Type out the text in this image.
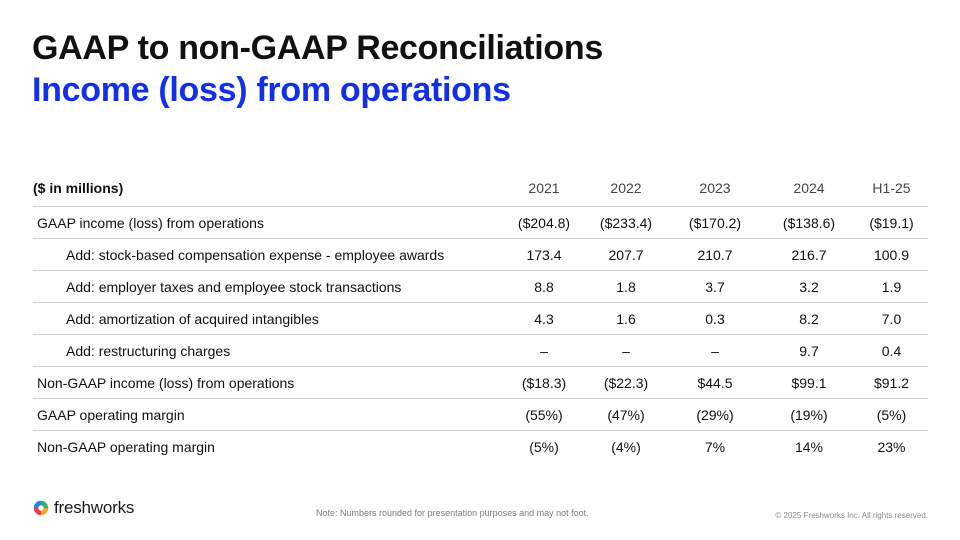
GAAP to non-GAAP Reconciliations
Income (loss) from operations
($ in millions)	2021	2022	2023	2024	H1-25
GAAP income (loss) from operations	($204.8)	($233.4)	($170.2)	($138.6)	($19.1)
Add: stock-based compensation expense - employee awards	173.4	207.7	210.7	216.7	100.9
Add: employer taxes and employee stock transactions	8.8	1.8	3.7	3.2	1.9
Add: amortization of acquired intangibles	4.3	1.6	0.3	8.2	7.0
Add: restructuring charges	–	–	–	9.7	0.4
Non-GAAP income (loss) from operations	($18.3)	($22.3)	$44.5	$99.1	$91.2
GAAP operating margin	(55%)	(47%)	(29%)	(19%)	(5%)
Non-GAAP operating margin	(5%)	(4%)	7%	14%	23%
freshworks	Note: Numbers rounded for presentation purposes and may not foot.	© 2025 Freshworks Inc. All rights reserved.
